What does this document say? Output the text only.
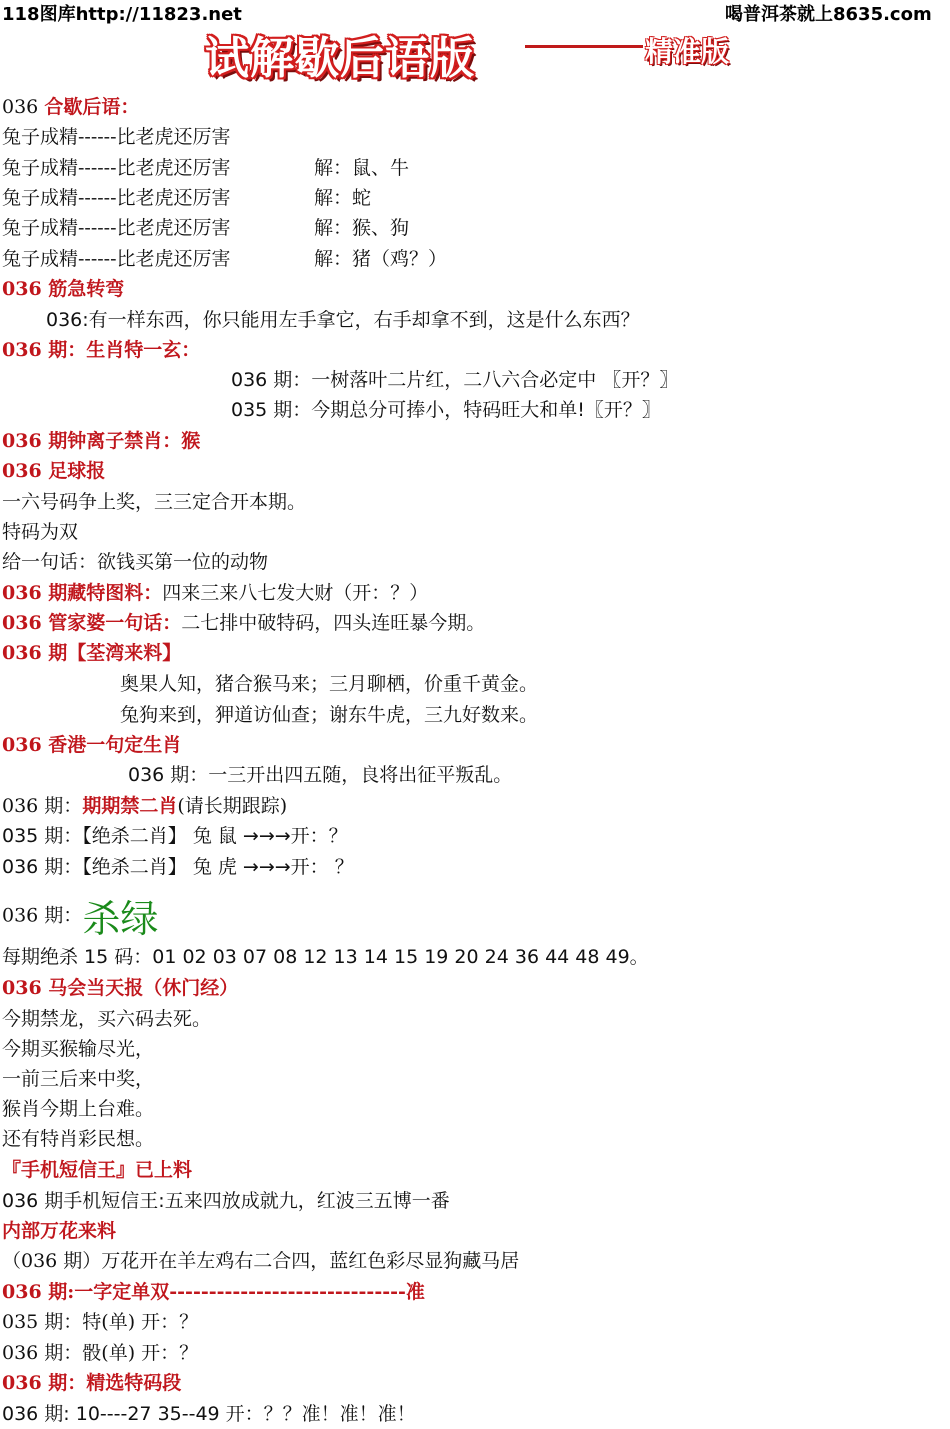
118图库http://11823.net	喝普洱茶就上8635.com
试解歇后语版	精准版
036 合歇后语：
兔子成精------比老虎还厉害
兔子成精------比老虎还厉害	解：鼠、牛
兔子成精------比老虎还厉害	解：蛇
兔子成精------比老虎还厉害	解：猴、狗
兔子成精------比老虎还厉害	解：猪（鸡？）
036 筋急转弯
036:有一样东西，你只能用左手拿它，右手却拿不到，这是什么东西？
036 期：生肖特一玄：
036 期：一树落叶二片红，二八六合必定中 〖开？〗
035 期：今期总分可捧小，特码旺大和单!〖开？〗
036 期钟离子禁肖：猴
036 足球报
一六号码争上奖，三三定合开本期。
特码为双
给一句话：欲钱买第一位的动物
036 期藏特图料：四来三来八七发大财（开：？）
036 管家婆一句话：二七排中破特码，四头连旺暴今期。
036 期【荃湾来料】
奥果人知，猪合猴马来；三月聊栖，价重千黄金。
兔狗来到，狎道访仙查；谢东牛虎，三九好数来。
036 香港一句定生肖
036 期：一三开出四五随，良将出征平叛乱。
036 期：期期禁二肖(请长期跟踪)
035 期：【绝杀二肖】 兔 鼠 →→→开：？
036 期：【绝杀二肖】 兔 虎 →→→开： ？
036 期：杀绿
每期绝杀 15 码：01 02 03 07 08 12 13 14 15 19 20 24 36 44 48 49。
036 马会当天报（休门经）
今期禁龙，买六码去死。
今期买猴输尽光，
一前三后来中奖，
猴肖今期上台难。
还有特肖彩民想。
『手机短信王』已上料
036 期手机短信王:五来四放成就九，红波三五博一番
内部万花来料
（036 期）万花开在羊左鸡右二合四，蓝红色彩尽显狗藏马居
036 期:一字定单双------------------------------准
035 期：特(单) 开：？
036 期：骰(单) 开：？
036 期：精选特码段
036 期: 10----27 35--49 开：？？准！准！准！
